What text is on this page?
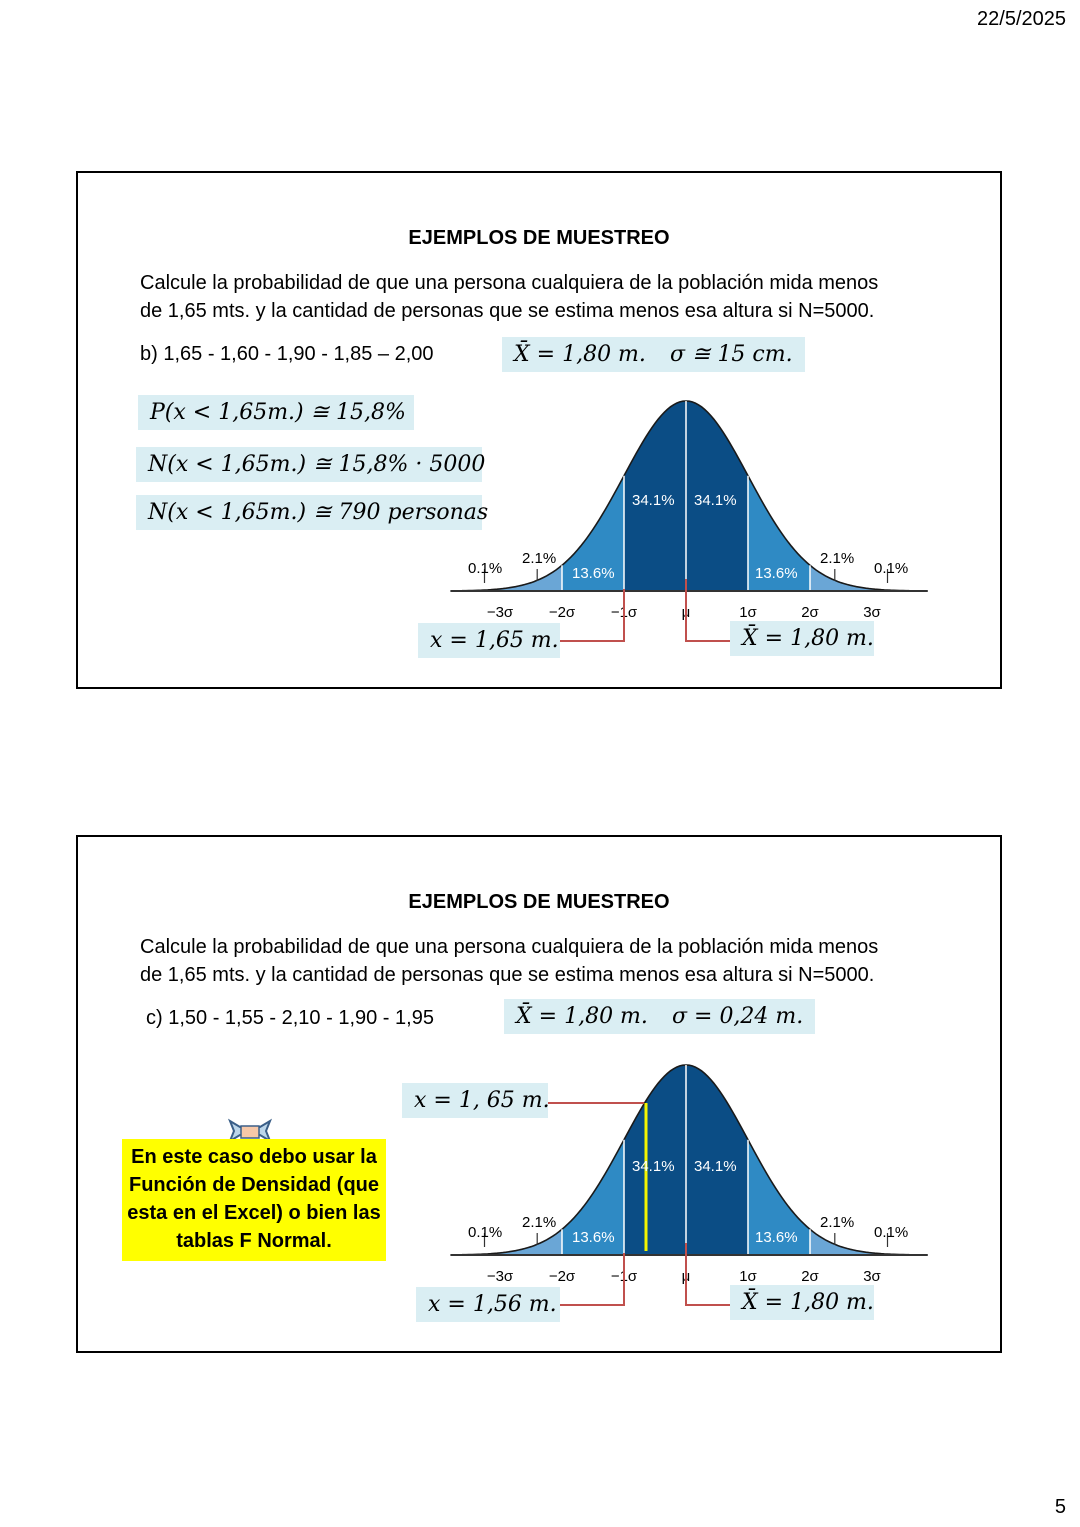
22/5/2025
EJEMPLOS DE MUESTREO
Calcule la probabilidad de que una persona cualquiera de la población mida menos
de 1,65 mts. y la cantidad de personas que se estima menos esa altura si N=5000.
b) 1,65 - 1,60 - 1,90 - 1,85 – 2,00	X̄ = 1,80 m.	σ ≅ 15 cm.
P(x < 1,65m.) ≅ 15,8%
N(x < 1,65m.) ≅ 15,8% · 5000
N(x < 1,65m.) ≅ 790 personas	34.1% 34.1%
13.6%	13.6%
2.1%	2.1%
0.1%	0.1%
−3σ −2σ −1σ	μ	1σ	2σ	3σ
x = 1,65 m.	X̄ = 1,80 m.
EJEMPLOS DE MUESTREO
Calcule la probabilidad de que una persona cualquiera de la población mida menos
de 1,65 mts. y la cantidad de personas que se estima menos esa altura si N=5000.
c) 1,50 - 1,55 - 2,10 - 1,90 - 1,95	X̄ = 1,80 m.	σ = 0,24 m.
En este caso debo usar la Función de Densidad (que esta en el Excel) o bien las tablas F Normal.
x = 1, 65 m.
34.1% 34.1%
13.6%	13.6%
2.1%	2.1%
0.1%	0.1%
−3σ −2σ −1σ	μ	1σ	2σ	3σ
x = 1,56 m.	X̄ = 1,80 m.
5
